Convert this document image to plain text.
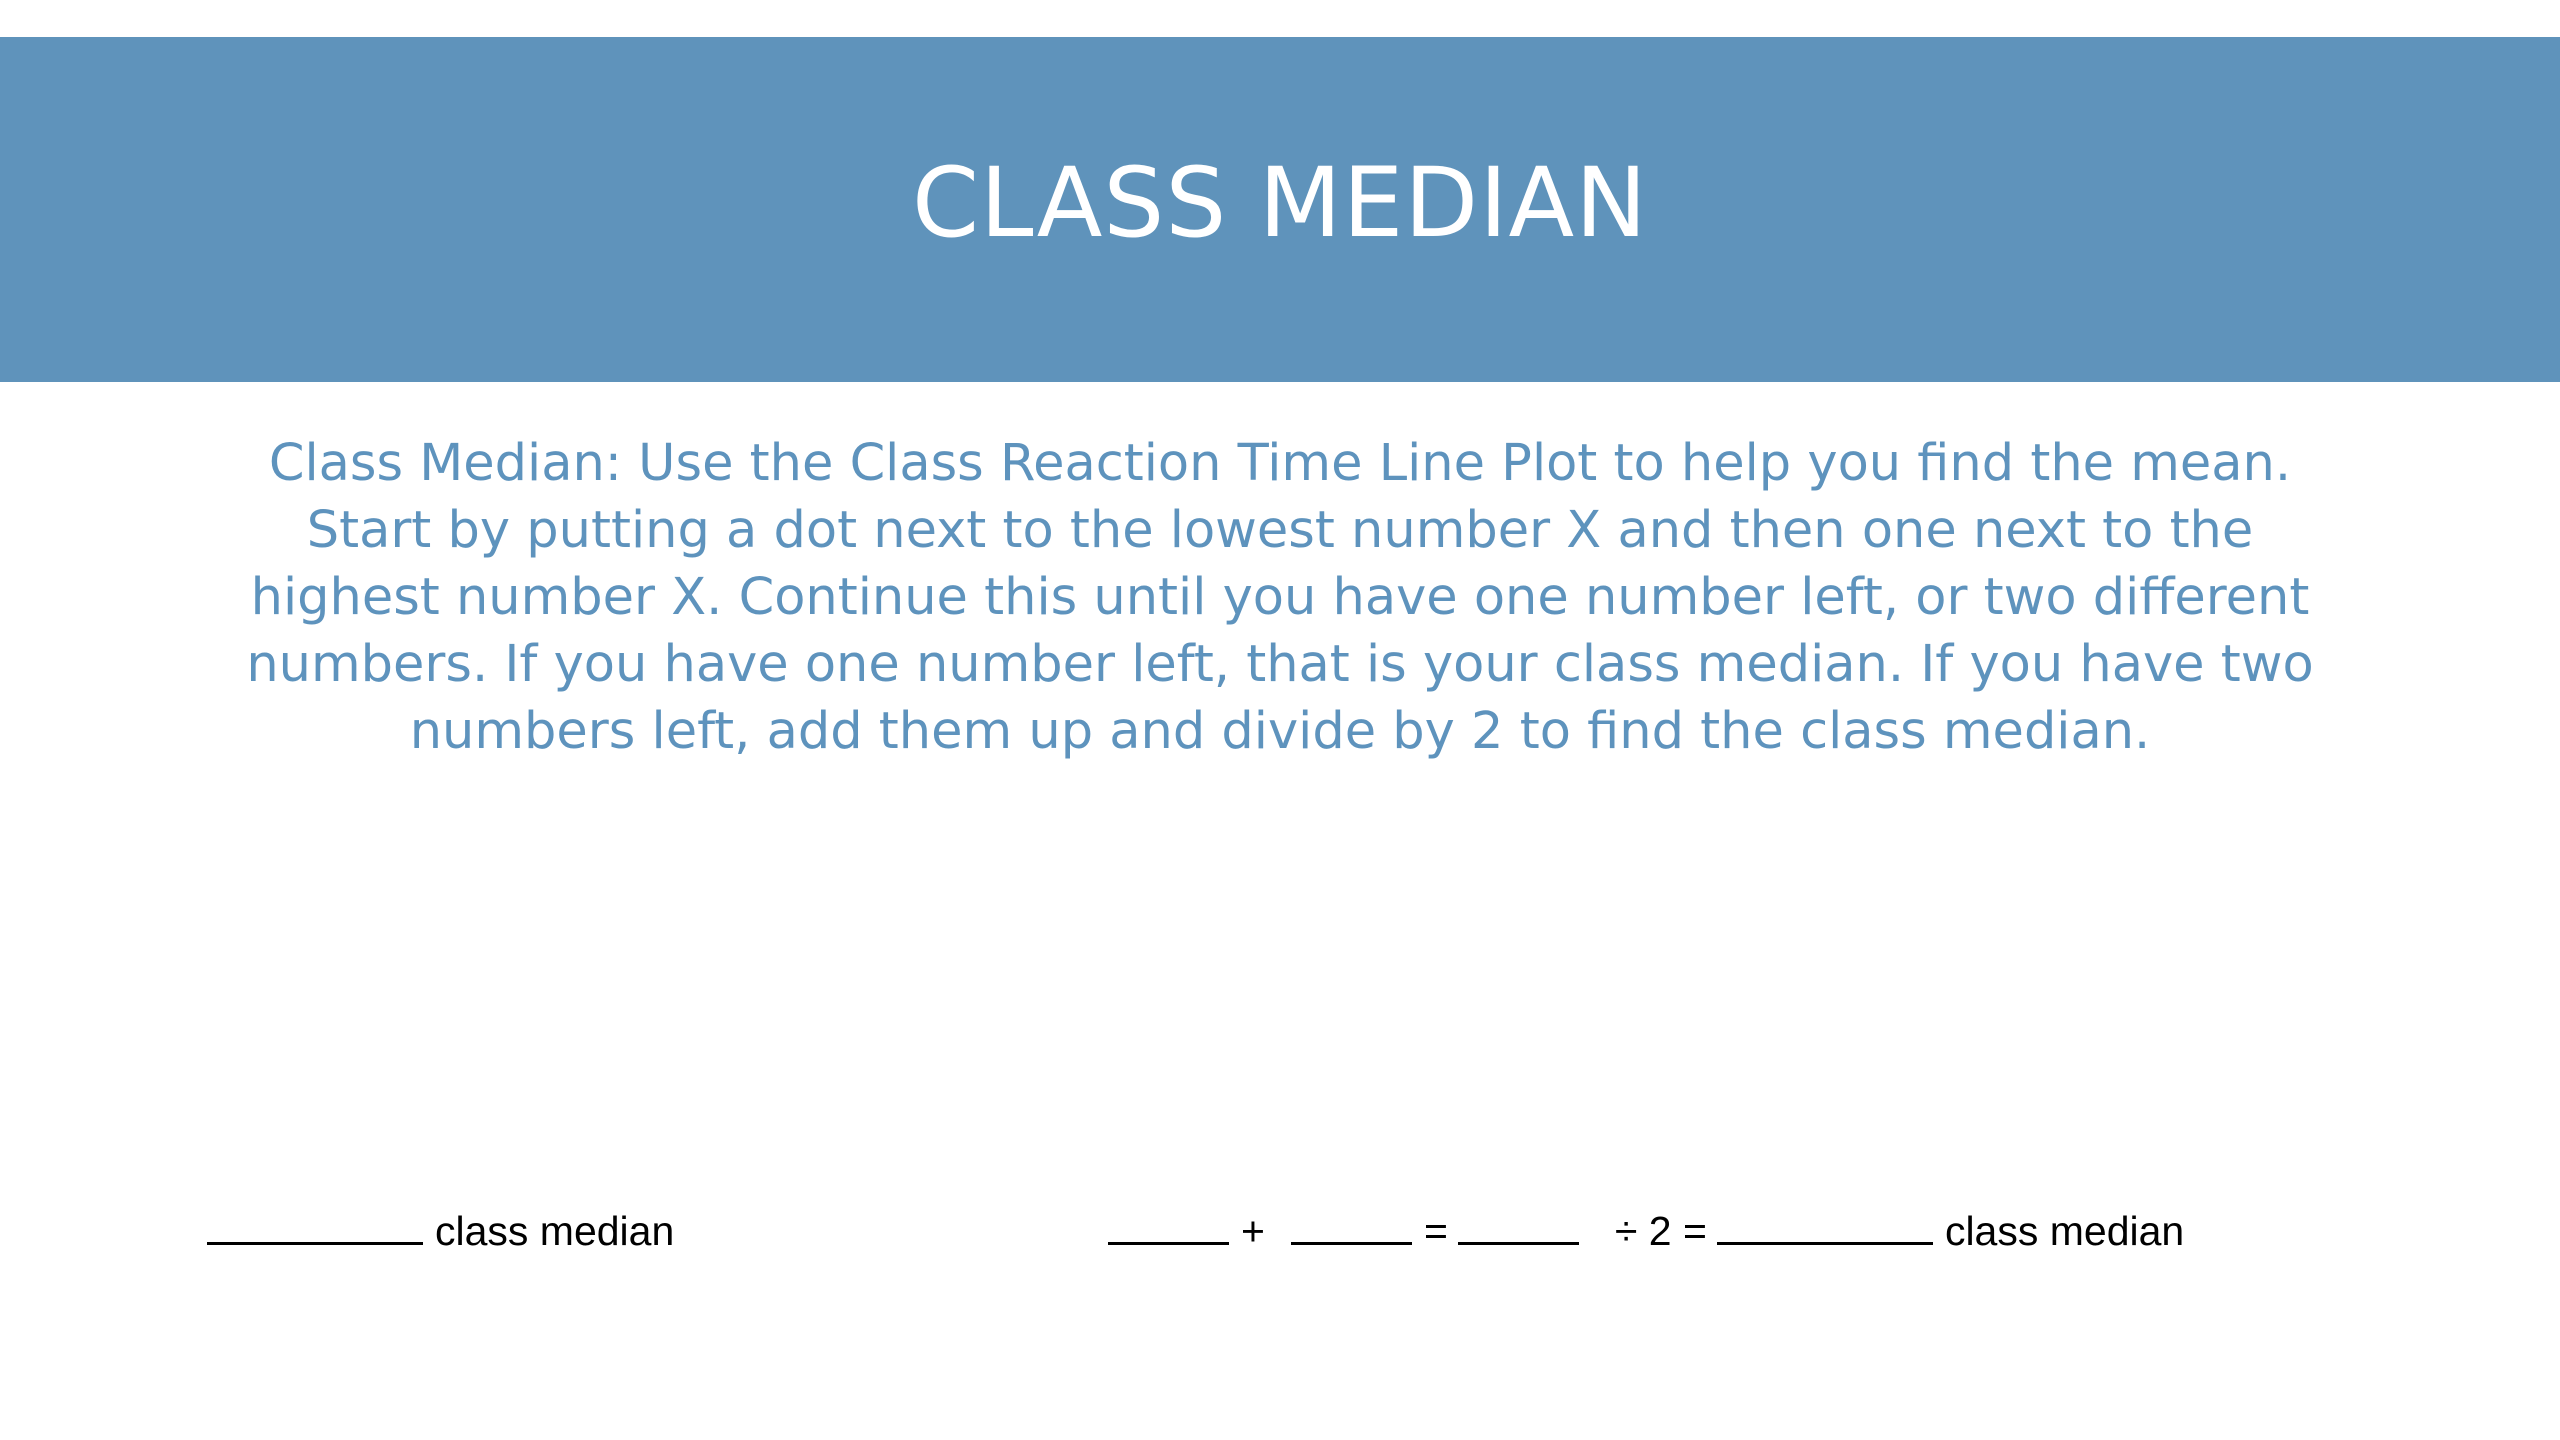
CLASS MEDIAN

Class Median: Use the Class Reaction Time Line Plot to help you find the mean. Start by putting a dot next to the lowest number X and then one next to the highest number X. Continue this until you have one number left, or two different numbers. If you have one number left, that is your class median. If you have two numbers left, add them up and divide by 2 to find the class median.

class median	+	=	÷ 2 =	class median
